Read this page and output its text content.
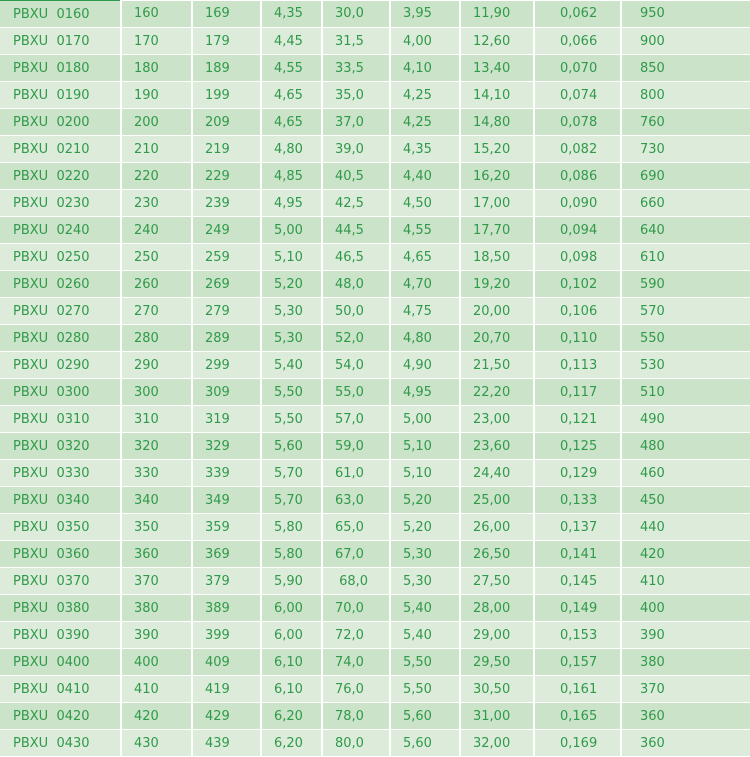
PBXU  0160	160	169	4,35	30,0	3,95	11,90	0,062	950
PBXU  0170	170	179	4,45	31,5	4,00	12,60	0,066	900
PBXU  0180	180	189	4,55	33,5	4,10	13,40	0,070	850
PBXU  0190	190	199	4,65	35,0	4,25	14,10	0,074	800
PBXU  0200	200	209	4,65	37,0	4,25	14,80	0,078	760
PBXU  0210	210	219	4,80	39,0	4,35	15,20	0,082	730
PBXU  0220	220	229	4,85	40,5	4,40	16,20	0,086	690
PBXU  0230	230	239	4,95	42,5	4,50	17,00	0,090	660
PBXU  0240	240	249	5,00	44,5	4,55	17,70	0,094	640
PBXU  0250	250	259	5,10	46,5	4,65	18,50	0,098	610
PBXU  0260	260	269	5,20	48,0	4,70	19,20	0,102	590
PBXU  0270	270	279	5,30	50,0	4,75	20,00	0,106	570
PBXU  0280	280	289	5,30	52,0	4,80	20,70	0,110	550
PBXU  0290	290	299	5,40	54,0	4,90	21,50	0,113	530
PBXU  0300	300	309	5,50	55,0	4,95	22,20	0,117	510
PBXU  0310	310	319	5,50	57,0	5,00	23,00	0,121	490
PBXU  0320	320	329	5,60	59,0	5,10	23,60	0,125	480
PBXU  0330	330	339	5,70	61,0	5,10	24,40	0,129	460
PBXU  0340	340	349	5,70	63,0	5,20	25,00	0,133	450
PBXU  0350	350	359	5,80	65,0	5,20	26,00	0,137	440
PBXU  0360	360	369	5,80	67,0	5,30	26,50	0,141	420
PBXU  0370	370	379	5,90	68,0	5,30	27,50	0,145	410
PBXU  0380	380	389	6,00	70,0	5,40	28,00	0,149	400
PBXU  0390	390	399	6,00	72,0	5,40	29,00	0,153	390
PBXU  0400	400	409	6,10	74,0	5,50	29,50	0,157	380
PBXU  0410	410	419	6,10	76,0	5,50	30,50	0,161	370
PBXU  0420	420	429	6,20	78,0	5,60	31,00	0,165	360
PBXU  0430	430	439	6,20	80,0	5,60	32,00	0,169	360
